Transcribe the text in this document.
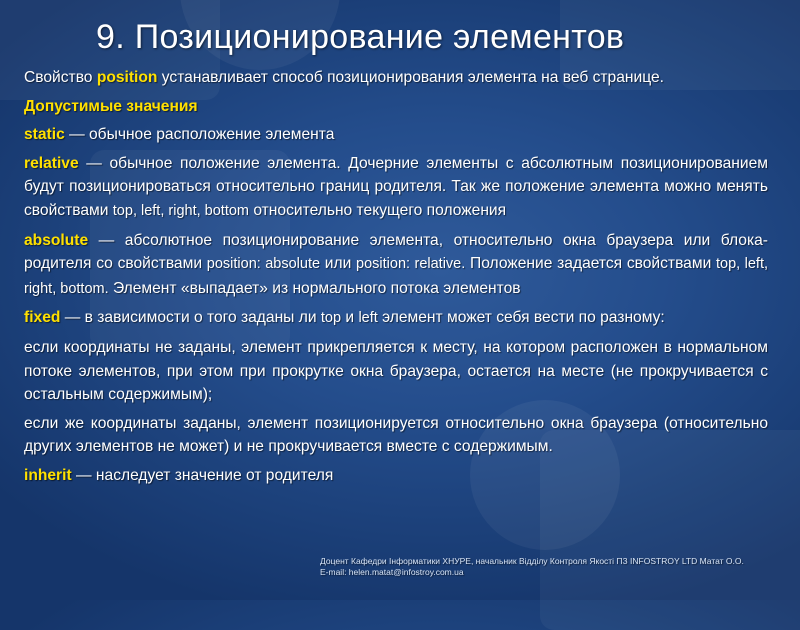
9. Позиционирование элементов

Свойство position устанавливает способ позиционирования элемента на веб странице.

Допустимые значения

static — обычное расположение элемента

relative — обычное положение элемента. Дочерние элементы с абсолютным позиционированием будут позиционироваться относительно границ родителя. Так же положение элемента можно менять свойствами top, left, right, bottom относительно текущего положения

absolute — абсолютное позиционирование элемента, относительно окна браузера или блока-родителя со свойствами position: absolute или position: relative. Положение задается свойствами top, left, right, bottom. Элемент «выпадает» из нормального потока элементов

fixed — в зависимости о того заданы ли top и left элемент может себя вести по разному:

если координаты не заданы, элемент прикрепляется к месту, на котором расположен в нормальном потоке элементов, при этом при прокрутке окна браузера, остается на месте (не прокручивается с остальным содержимым);

если же координаты заданы, элемент позиционируется относительно окна браузера (относительно других элементов не может) и не прокручивается вместе с содержимым.

inherit — наследует значение от родителя

Доцент Кафедри Інформатики ХНУРЕ, начальник Відділу Контроля Якості ПЗ INFOSTROY LTD Матат О.О.
E-mail: helen.matat@infostroy.com.ua
